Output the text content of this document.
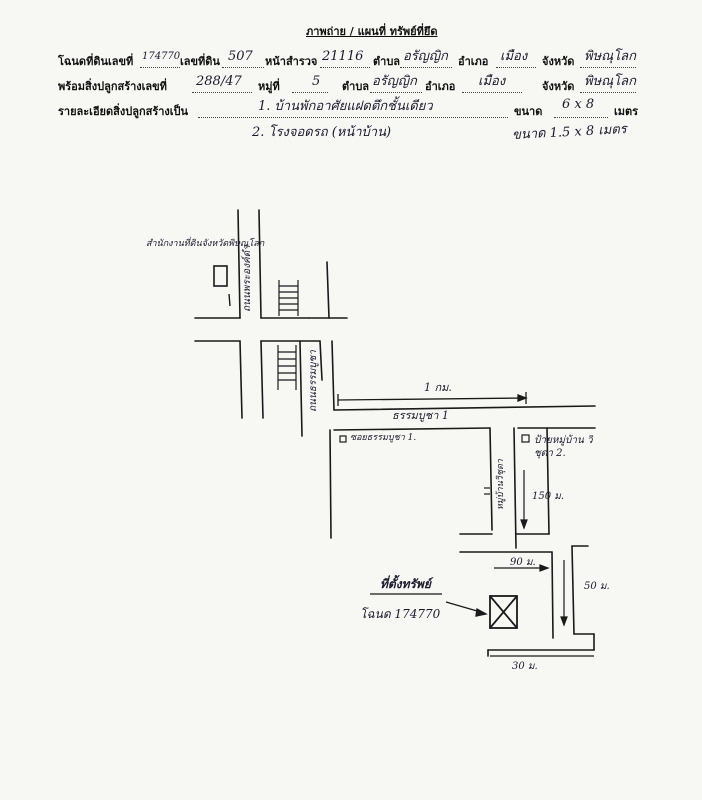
ภาพถ่าย / แผนที่ ทรัพย์ที่ยึด
โฉนดที่ดินเลขที่ 174770 เลขที่ดิน 507 หน้าสำรวจ 21116 ตำบล อรัญญิก อำเภอ เมือง จังหวัด พิษณุโลก
พร้อมสิ่งปลูกสร้างเลขที่ 288/47 หมู่ที่ 5 ตำบล อรัญญิก อำเภอ เมือง	จังหวัด พิษณุโลก
รายละเอียดสิ่งปลูกสร้างเป็น	1. บ้านพักอาศัยแฝดตึกชั้นเดียว	ขนาด 6 x 8 เมตร
2. โรงจอดรถ (หน้าบ้าน)	ขนาด 1.5 x 8 เมตร
สำนักงานที่ดินจังหวัดพิษณุโลก
ถนนพระองค์ดำ
ถนนธรรมบูชา	1 กม.
ธรรมบูชา 1
ซอยธรรมบูชา 1.	ป้ายหมู่บ้าน วิชุดา 2.
หมู่บ้านวิชุดา	150 ม.
90 ม.
50 ม.
30 ม.
ที่ตั้งทรัพย์
โฉนด 174770
